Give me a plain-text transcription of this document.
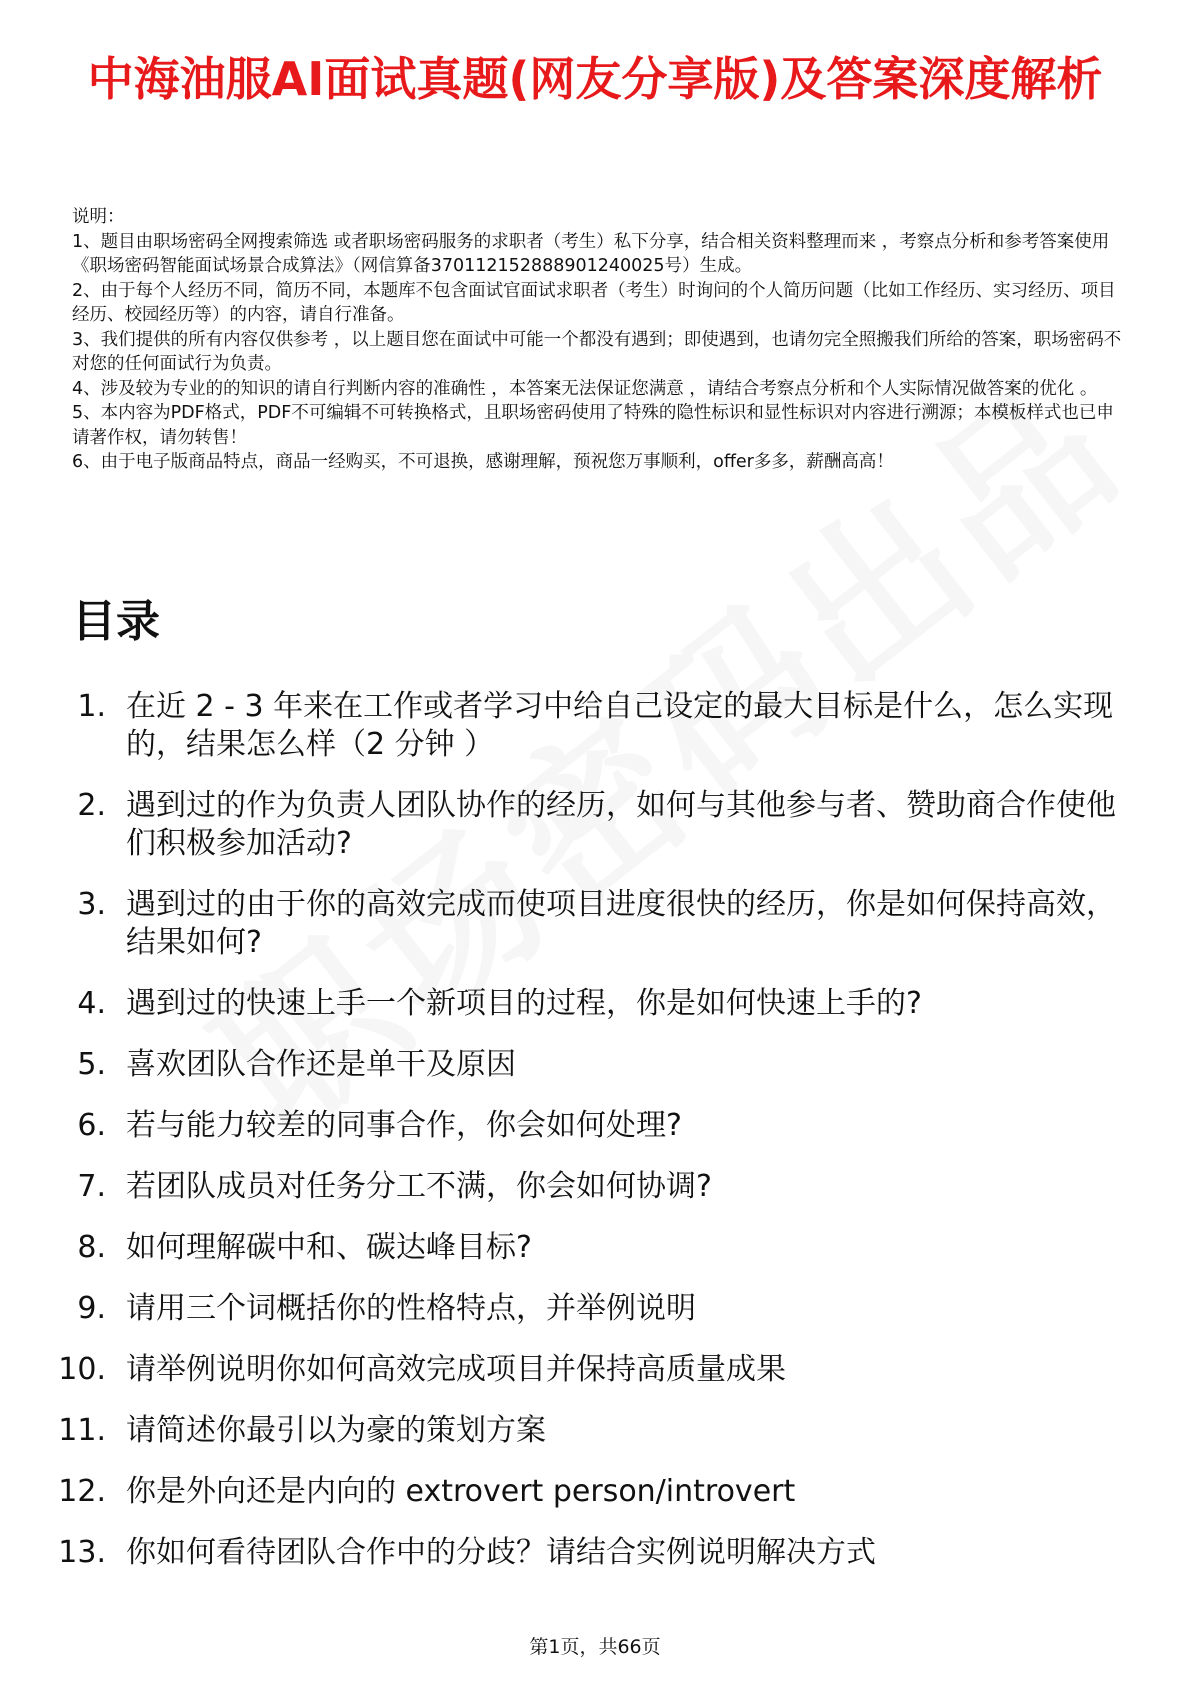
中海油服AI面试真题(网友分享版)及答案深度解析
说明：
1、题目由职场密码全网搜索筛选 或者职场密码服务的求职者（考生）私下分享，结合相关资料整理而来 ，考察点分析和参考答案使用《职场密码智能面试场景合成算法》（网信算备370112152888901240025号）生成。
2、由于每个人经历不同，简历不同，本题库不包含面试官面试求职者（考生）时询问的个人简历问题（比如工作经历、实习经历、项目经历、校园经历等）的内容，请自行准备。
3、我们提供的所有内容仅供参考 ，以上题目您在面试中可能一个都没有遇到；即使遇到，也请勿完全照搬我们所给的答案，职场密码不对您的任何面试行为负责。
4、涉及较为专业的的知识的请自行判断内容的准确性 ，本答案无法保证您满意 ，请结合考察点分析和个人实际情况做答案的优化 。
5、本内容为PDF格式，PDF不可编辑不可转换格式，且职场密码使用了特殊的隐性标识和显性标识对内容进行溯源；本模板样式也已申请著作权，请勿转售！
6、由于电子版商品特点，商品一经购买，不可退换，感谢理解，预祝您万事顺利，offer多多，薪酬高高！
目录
1. 在近 2 - 3 年来在工作或者学习中给自己设定的最大目标是什么，怎么实现的，结果怎么样（2 分钟 ）
2. 遇到过的作为负责人团队协作的经历，如何与其他参与者、赞助商合作使他们积极参加活动?
3. 遇到过的由于你的高效完成而使项目进度很快的经历，你是如何保持高效，结果如何?
4. 遇到过的快速上手一个新项目的过程，你是如何快速上手的?
5. 喜欢团队合作还是单干及原因
6. 若与能力较差的同事合作，你会如何处理?
7. 若团队成员对任务分工不满，你会如何协调?
8. 如何理解碳中和、碳达峰目标?
9. 请用三个词概括你的性格特点，并举例说明
10. 请举例说明你如何高效完成项目并保持高质量成果
11. 请简述你最引以为豪的策划方案
12. 你是外向还是内向的 extrovert person/introvert
13. 你如何看待团队合作中的分歧？请结合实例说明解决方式
第1页，共66页
